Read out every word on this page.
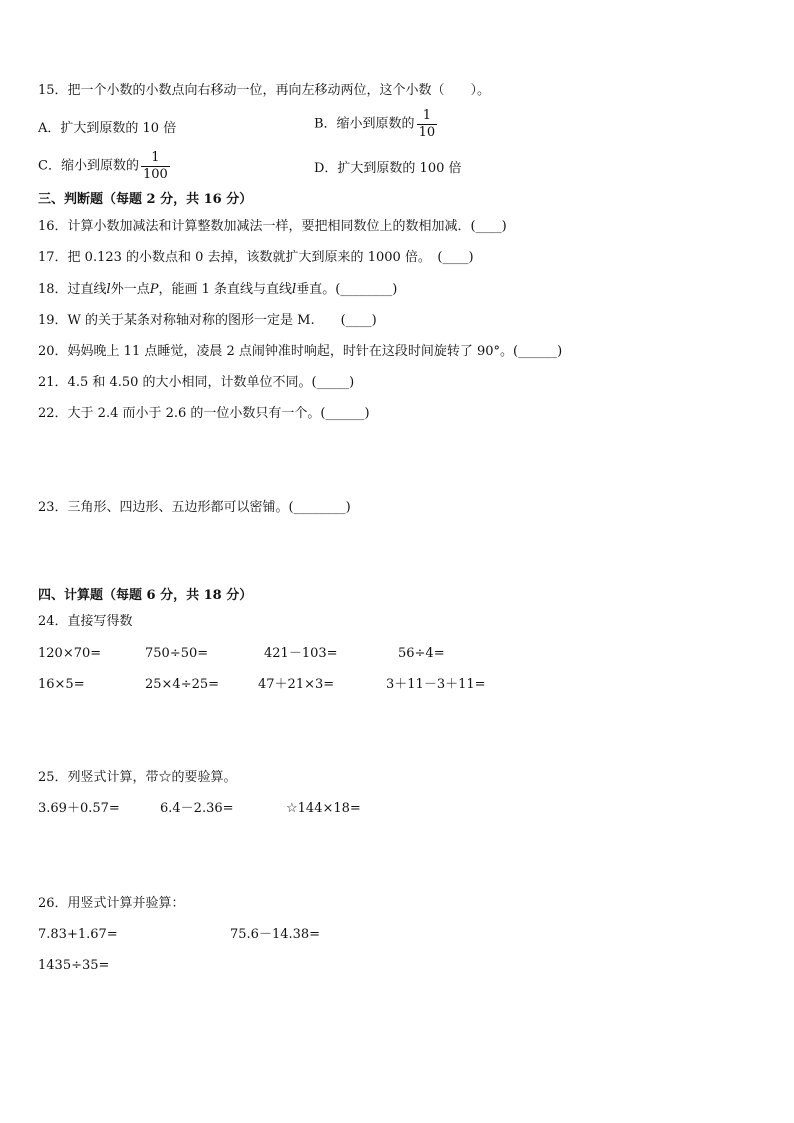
15．把一个小数的小数点向右移动一位，再向左移动两位，这个小数（　　）。
A．扩大到原数的 10 倍	B．缩小到原数的 $\frac{1}{10}$
C．缩小到原数的 $\frac{1}{100}$	D．扩大到原数的 100 倍
三、判断题（每题 2 分，共 16 分）
16．计算小数加减法和计算整数加减法一样，要把相同数位上的数相加减．(____)
17．把 0.123 的小数点和 0 去掉，该数就扩大到原来的 1000 倍。　(____)
18．过直线l外一点P，能画 1 条直线与直线l垂直。(________)
19．W 的关于某条对称轴对称的图形一定是 M.　　(____)
20．妈妈晚上 11 点睡觉，凌晨 2 点闹钟准时响起，时针在这段时间旋转了 90°。(______)
21．4.5 和 4.50 的大小相同，计数单位不同。(_____)
22．大于 2.4 而小于 2.6 的一位小数只有一个。(______)
23．三角形、四边形、五边形都可以密铺。(________)
四、计算题（每题 6 分，共 18 分）
24．直接写得数
120×70=	750÷50=	421－103=	56÷4=
16×5=	25×4÷25=	47＋21×3=	3＋11－3＋11=
25．列竖式计算，带☆的要验算。
3.69＋0.57=	6.4－2.36=	☆144×18=
26．用竖式计算并验算：
7.83+1.67=	75.6－14.38=
1435÷35=
